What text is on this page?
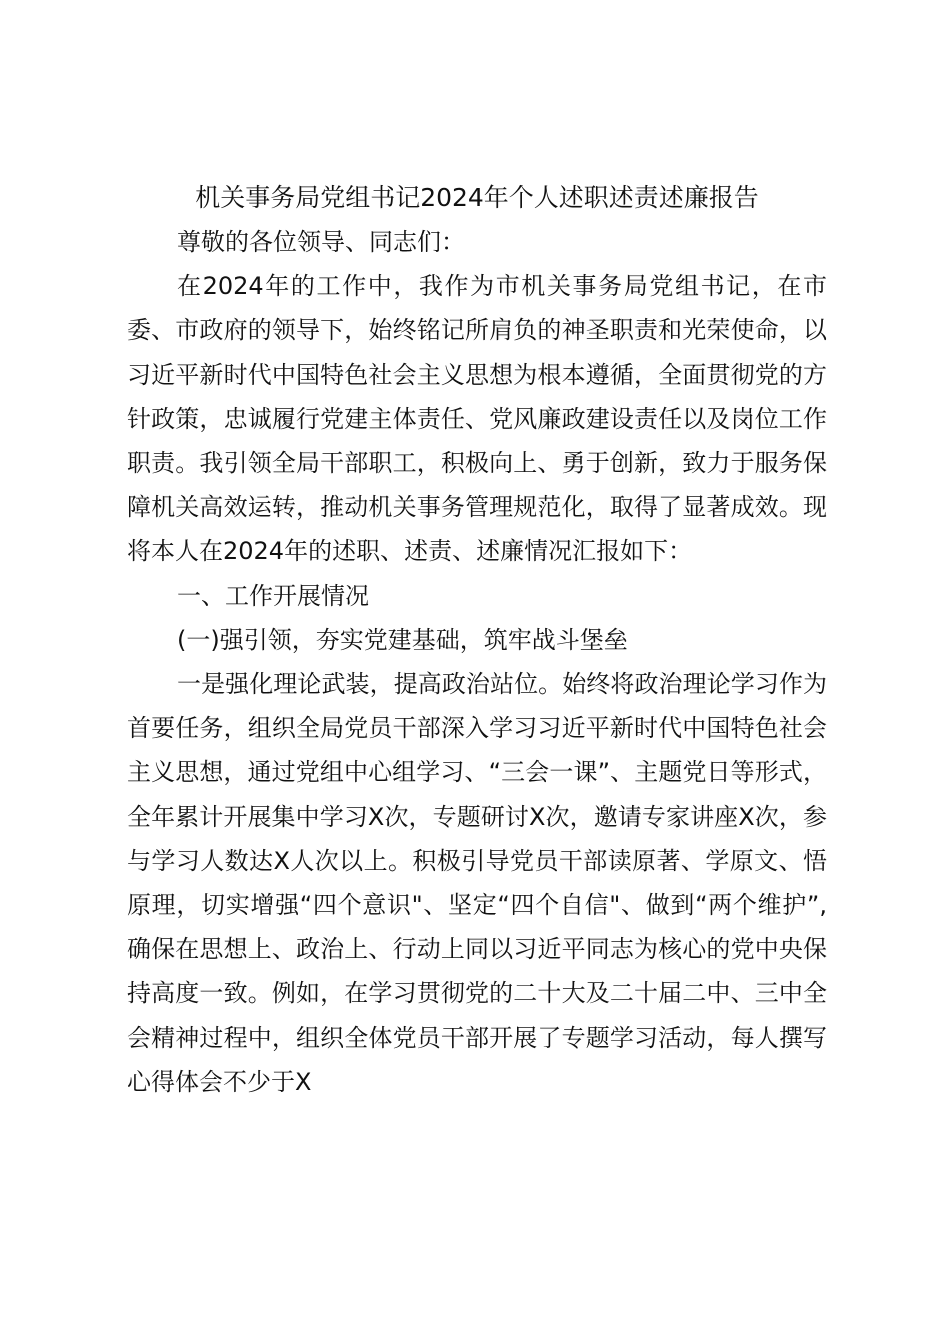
机关事务局党组书记2024年个人述职述责述廉报告

尊敬的各位领导、同志们：

在2024年的工作中，我作为市机关事务局党组书记，在市委、市政府的领导下，始终铭记所肩负的神圣职责和光荣使命，以习近平新时代中国特色社会主义思想为根本遵循，全面贯彻党的方针政策，忠诚履行党建主体责任、党风廉政建设责任以及岗位工作职责。我引领全局干部职工，积极向上、勇于创新，致力于服务保障机关高效运转，推动机关事务管理规范化，取得了显著成效。现将本人在2024年的述职、述责、述廉情况汇报如下：

一、工作开展情况

(一)强引领，夯实党建基础，筑牢战斗堡垒

一是强化理论武装，提高政治站位。始终将政治理论学习作为首要任务，组织全局党员干部深入学习习近平新时代中国特色社会主义思想，通过党组中心组学习、“三会一课”、主题党日等形式，全年累计开展集中学习X次，专题研讨X次，邀请专家讲座X次，参与学习人数达X人次以上。积极引导党员干部读原著、学原文、悟原理，切实增强“四个意识"、坚定“四个自信"、做到“两个维护”,确保在思想上、政治上、行动上同以习近平同志为核心的党中央保持高度一致。例如，在学习贯彻党的二十大及二十届二中、三中全会精神过程中，组织全体党员干部开展了专题学习活动，每人撰写心得体会不少于X
